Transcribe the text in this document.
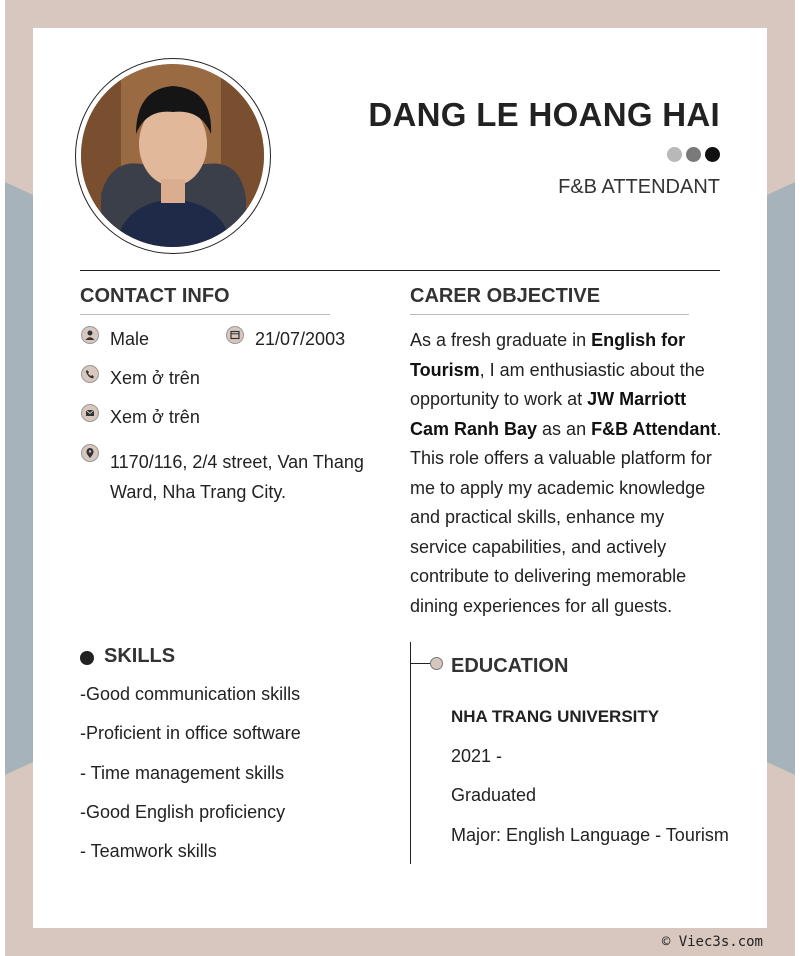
DANG LE HOANG HAI
F&B ATTENDANT
CONTACT INFO
Male	21/07/2003
Xem ở trên
Xem ở trên
1170/116, 2/4 street, Van Thang Ward, Nha Trang City.
CARER OBJECTIVE
As a fresh graduate in English for Tourism, I am enthusiastic about the opportunity to work at JW Marriott Cam Ranh Bay as an F&B Attendant. This role offers a valuable platform for me to apply my academic knowledge and practical skills, enhance my service capabilities, and actively contribute to delivering memorable dining experiences for all guests.
SKILLS
-Good communication skills
-Proficient in office software
- Time management skills
-Good English proficiency
- Teamwork skills
EDUCATION
NHA TRANG UNIVERSITY
2021 -
Graduated
Major: English Language - Tourism
© Viec3s.com
